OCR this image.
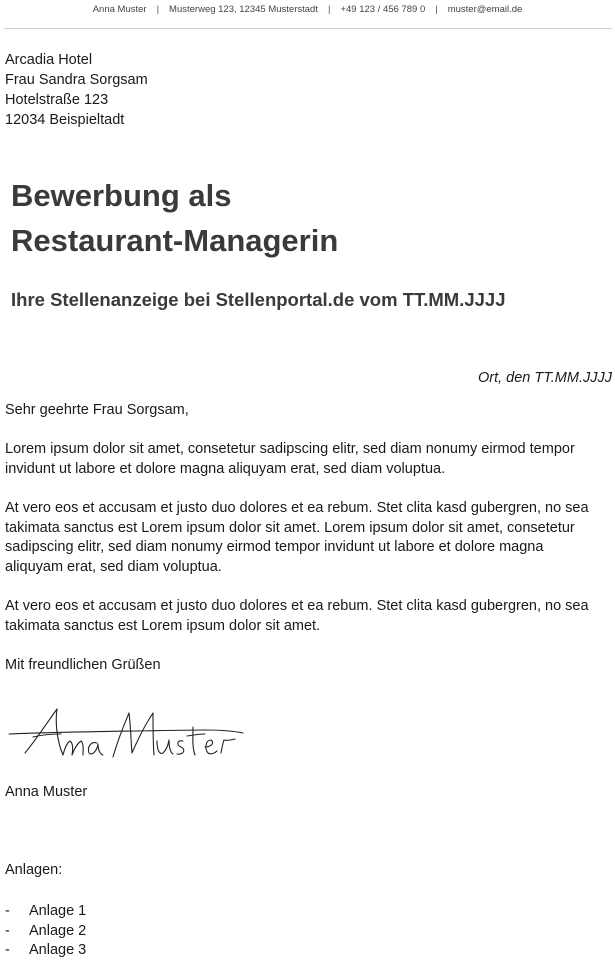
Anna Muster	|	Musterweg 123, 12345 Musterstadt	|	+49 123 / 456 789 0	|	muster@email.de
Arcadia Hotel
Frau Sandra Sorgsam
Hotelstraße 123
12034 Beispieltadt
Bewerbung als
Restaurant-Managerin
Ihre Stellenanzeige bei Stellenportal.de vom TT.MM.JJJJ
Ort, den TT.MM.JJJJ

Sehr geehrte Frau Sorgsam,

Lorem ipsum dolor sit amet, consetetur sadipscing elitr, sed diam nonumy eirmod tempor invidunt ut labore et dolore magna aliquyam erat, sed diam voluptua.

At vero eos et accusam et justo duo dolores et ea rebum. Stet clita kasd gubergren, no sea takimata sanctus est Lorem ipsum dolor sit amet. Lorem ipsum dolor sit amet, consetetur sadipscing elitr, sed diam nonumy eirmod tempor invidunt ut labore et dolore magna aliquyam erat, sed diam voluptua.

At vero eos et accusam et justo duo dolores et ea rebum. Stet clita kasd gubergren, no sea takimata sanctus est Lorem ipsum dolor sit amet.

Mit freundlichen Grüßen

Anna Muster
Anlagen:
-	Anlage 1
-	Anlage 2
-	Anlage 3
